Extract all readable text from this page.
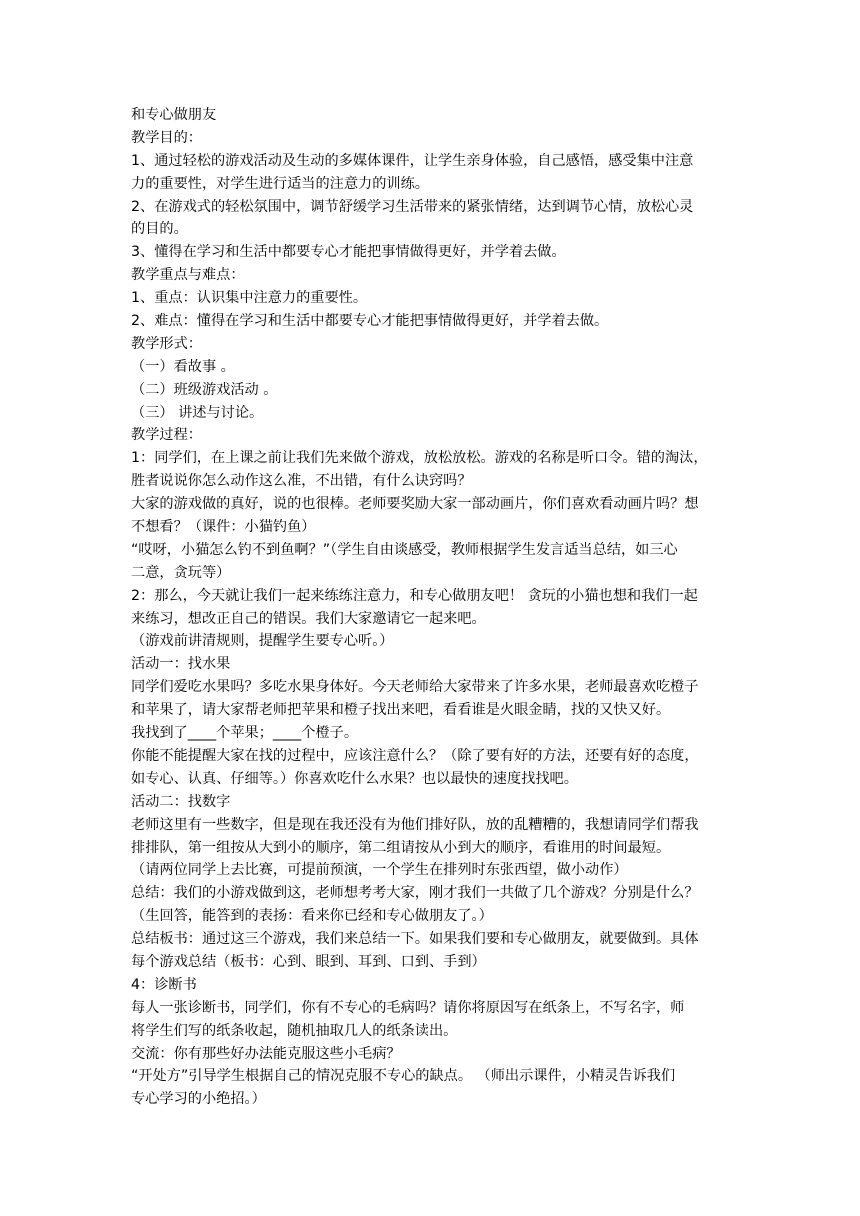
和专心做朋友
教学目的：
1、通过轻松的游戏活动及生动的多媒体课件，让学生亲身体验，自己感悟，感受集中注意
力的重要性，对学生进行适当的注意力的训练。
2、在游戏式的轻松氛围中，调节舒缓学习生活带来的紧张情绪，达到调节心情，放松心灵
的目的。
3、懂得在学习和生活中都要专心才能把事情做得更好，并学着去做。
教学重点与难点：
1、重点：认识集中注意力的重要性。
2、难点：懂得在学习和生活中都要专心才能把事情做得更好，并学着去做。
教学形式：
（一）看故事 。
（二）班级游戏活动 。
（三） 讲述与讨论。
教学过程：
1：同学们，在上课之前让我们先来做个游戏，放松放松。游戏的名称是听口令。错的淘汰，
胜者说说你怎么动作这么准，不出错，有什么诀窍吗？
大家的游戏做的真好，说的也很棒。老师要奖励大家一部动画片，你们喜欢看动画片吗？想
不想看？（课件：小猫钓鱼）
“哎呀，小猫怎么钓不到鱼啊？”（学生自由谈感受，教师根据学生发言适当总结，如三心
二意，贪玩等）
2：那么，今天就让我们一起来练练注意力，和专心做朋友吧！ 贪玩的小猫也想和我们一起
来练习，想改正自己的错误。我们大家邀请它一起来吧。
（游戏前讲清规则，提醒学生要专心听。）
活动一：找水果
同学们爱吃水果吗？多吃水果身体好。今天老师给大家带来了许多水果，老师最喜欢吃橙子
和苹果了，请大家帮老师把苹果和橙子找出来吧，看看谁是火眼金睛，找的又快又好。
我找到了____个苹果；____个橙子。
你能不能提醒大家在找的过程中，应该注意什么？（除了要有好的方法，还要有好的态度，
如专心、认真、仔细等。）你喜欢吃什么水果？也以最快的速度找找吧。
活动二：找数字
老师这里有一些数字，但是现在我还没有为他们排好队，放的乱糟糟的，我想请同学们帮我
排排队，第一组按从大到小的顺序，第二组请按从小到大的顺序，看谁用的时间最短。
（请两位同学上去比赛，可提前预演，一个学生在排列时东张西望，做小动作）
总结：我们的小游戏做到这，老师想考考大家，刚才我们一共做了几个游戏？分别是什么？
（生回答，能答到的表扬：看来你已经和专心做朋友了。）
总结板书：通过这三个游戏，我们来总结一下。如果我们要和专心做朋友，就要做到。具体
每个游戏总结（板书：心到、眼到、耳到、口到、手到）
4：诊断书
每人一张诊断书，同学们，你有不专心的毛病吗？请你将原因写在纸条上，不写名字，师
将学生们写的纸条收起，随机抽取几人的纸条读出。
交流：你有那些好办法能克服这些小毛病？
“开处方”引导学生根据自己的情况克服不专心的缺点。 （师出示课件，小精灵告诉我们
专心学习的小绝招。）
